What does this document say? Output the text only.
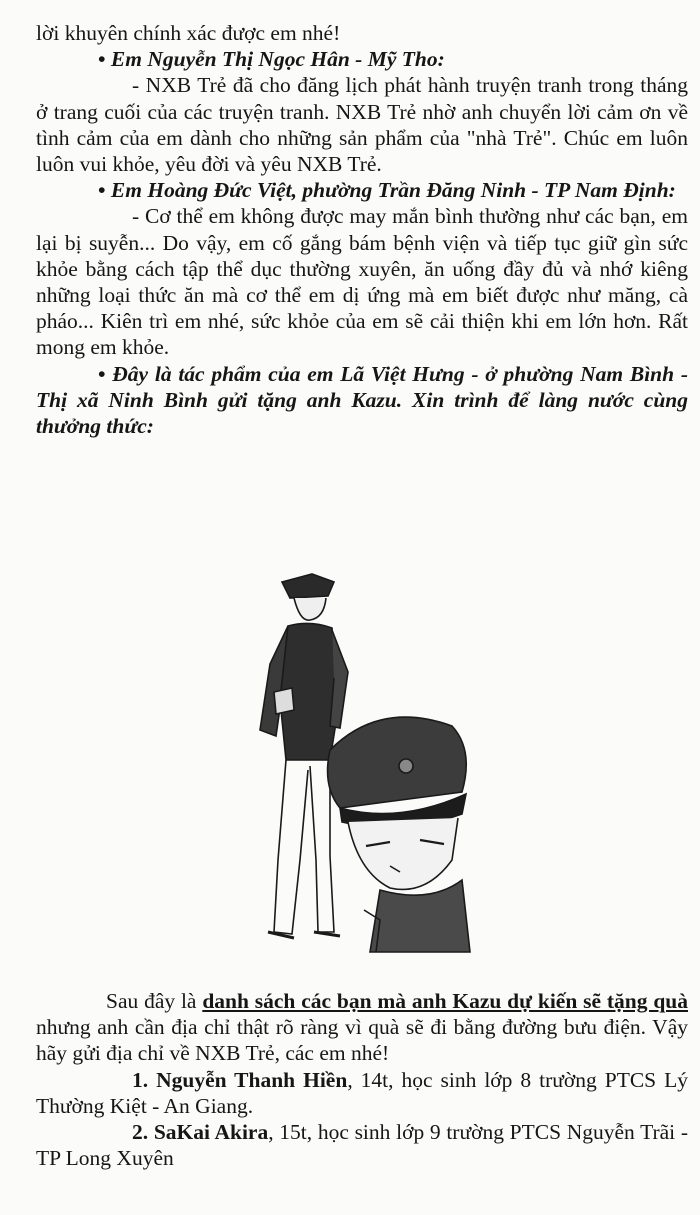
lời khuyên chính xác được em nhé!

• Em Nguyễn Thị Ngọc Hân - Mỹ Tho:

- NXB Trẻ đã cho đăng lịch phát hành truyện tranh trong tháng ở trang cuối của các truyện tranh. NXB Trẻ nhờ anh chuyển lời cảm ơn về tình cảm của em dành cho những sản phẩm của "nhà Trẻ". Chúc em luôn luôn vui khỏe, yêu đời và yêu NXB Trẻ.

• Em Hoàng Đức Việt, phường Trần Đăng Ninh - TP Nam Định:

- Cơ thể em không được may mắn bình thường như các bạn, em lại bị suyễn... Do vậy, em cố gắng bám bệnh viện và tiếp tục giữ gìn sức khỏe bằng cách tập thể dục thường xuyên, ăn uống đầy đủ và nhớ kiêng những loại thức ăn mà cơ thể em dị ứng mà em biết được như măng, cà pháo... Kiên trì em nhé, sức khỏe của em sẽ cải thiện khi em lớn hơn. Rất mong em khỏe.

• Đây là tác phẩm của em Lã Việt Hưng - ở phường Nam Bình - Thị xã Ninh Bình gửi tặng anh Kazu. Xin trình để làng nước cùng thưởng thức:

Sau đây là danh sách các bạn mà anh Kazu dự kiến sẽ tặng quà nhưng anh cần địa chỉ thật rõ ràng vì quà sẽ đi bằng đường bưu điện. Vậy hãy gửi địa chỉ về NXB Trẻ, các em nhé!

1. Nguyễn Thanh Hiền, 14t, học sinh lớp 8 trường PTCS Lý Thường Kiệt - An Giang.

2. SaKai Akira, 15t, học sinh lớp 9 trường PTCS Nguyễn Trãi - TP Long Xuyên
